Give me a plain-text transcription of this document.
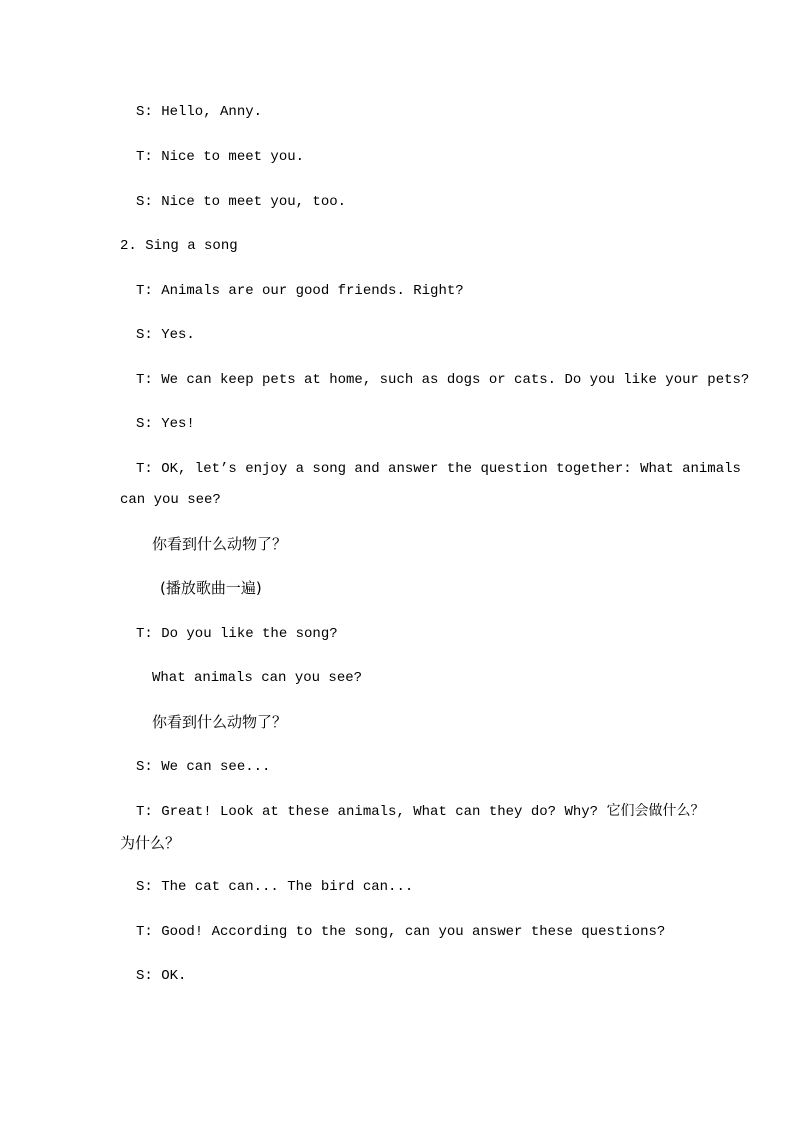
S: Hello, Anny.
T: Nice to meet you.
S: Nice to meet you, too.
2. Sing a song
T: Animals are our good friends. Right?
S: Yes.
T: We can keep pets at home, such as dogs or cats. Do you like your pets?
S: Yes!
T: OK, let’s enjoy a song and answer the question together: What animals
can you see?
你看到什么动物了？
(播放歌曲一遍)
T: Do you like the song?
What animals can you see?
你看到什么动物了？
S: We can see...
T: Great! Look at these animals, What can they do? Why? 它们会做什么？
为什么？
S: The cat can... The bird can...
T: Good! According to the song, can you answer these questions?
S: OK.
